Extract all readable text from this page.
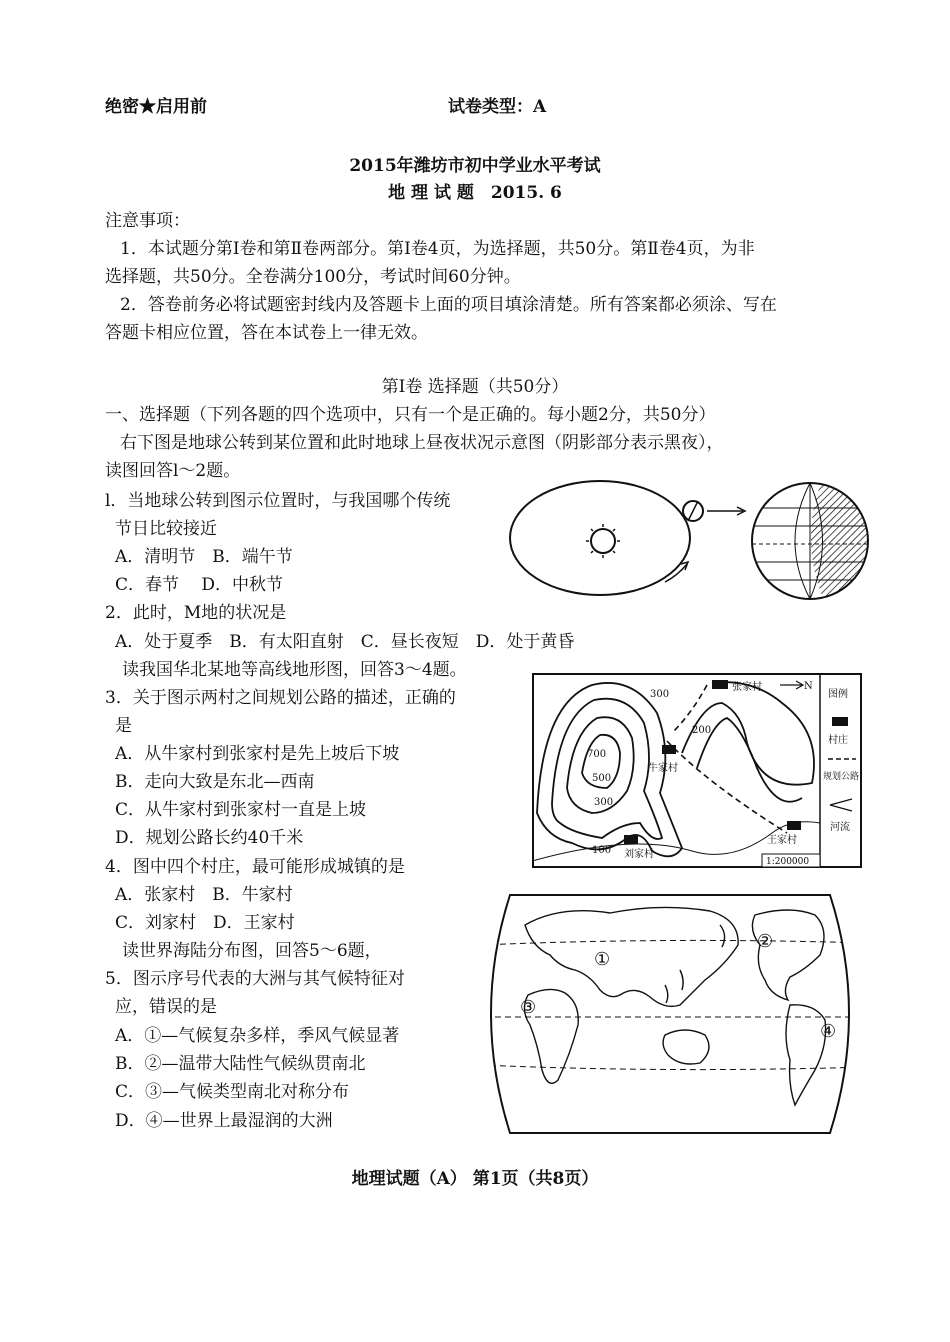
绝密★启用前	试卷类型：A
2015年潍坊市初中学业水平考试
地 理 试 题　2015. 6
注意事项：
1．本试题分第Ⅰ卷和第Ⅱ卷两部分。第Ⅰ卷4页，为选择题，共50分。第Ⅱ卷4页，为非
选择题，共50分。全卷满分100分，考试时间60分钟。
2．答卷前务必将试题密封线内及答题卡上面的项目填涂清楚。所有答案都必须涂、写在
答题卡相应位置，答在本试卷上一律无效。
第Ⅰ卷 选择题（共50分）
一、选择题（下列各题的四个选项中，只有一个是正确的。每小题2分，共50分）
右下图是地球公转到某位置和此时地球上昼夜状况示意图（阴影部分表示黑夜），
读图回答l～2题。
l．当地球公转到图示位置时，与我国哪个传统
节日比较接近
A．清明节　B．端午节
C．春节　 D．中秋节
2．此时，M地的状况是
A．处于夏季　B．有太阳直射　C．昼长夜短　D．处于黄昏
读我国华北某地等高线地形图，回答3～4题。
3．关于图示两村之间规划公路的描述，正确的
是
A．从牛家村到张家村是先上坡后下坡
B．走向大致是东北—西南
C．从牛家村到张家村一直是上坡
D．规划公路长约40千米
4．图中四个村庄，最可能形成城镇的是
A．张家村　B．牛家村
C．刘家村　D．王家村
读世界海陆分布图，回答5～6题，
5．图示序号代表的大洲与其气候特征对
应，错误的是
A．①—气候复杂多样，季风气候显著
B．②—温带大陆性气候纵贯南北
C．③—气候类型南北对称分布
D．④—世界上最湿润的大洲
地理试题（A） 第1页（共8页）
300
200
700
500
300
100
张家村
牛家村
王家村
刘家村
N
图例
村庄
规划公路
河流
1:200000
①
②
③
④
